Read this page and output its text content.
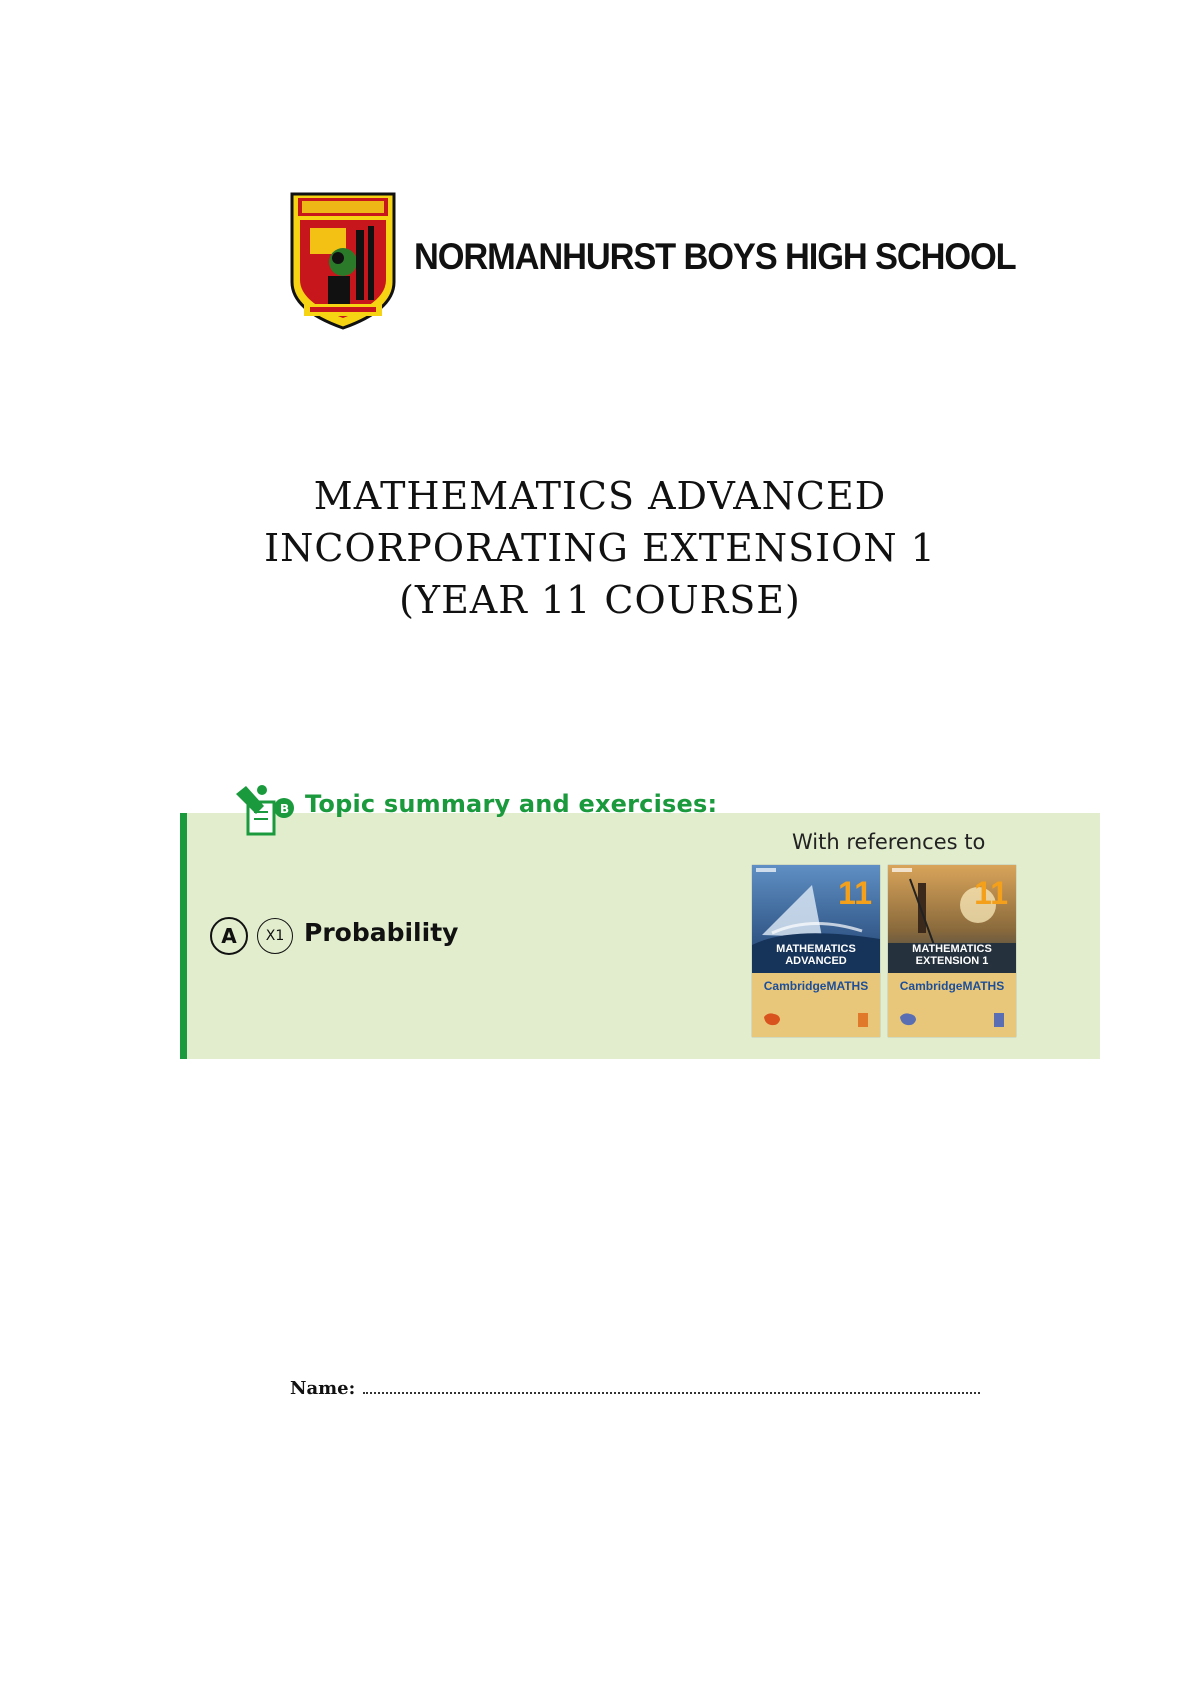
NORMANHURST BOYS HIGH SCHOOL
MATHEMATICS ADVANCED
INCORPORATING EXTENSION 1
(YEAR 11 COURSE)
B Topic summary and exercises:
With references to
A X1 Probability
11
MATHEMATICS ADVANCED
CambridgeMATHS
11
MATHEMATICS EXTENSION 1
CambridgeMATHS
Name:
